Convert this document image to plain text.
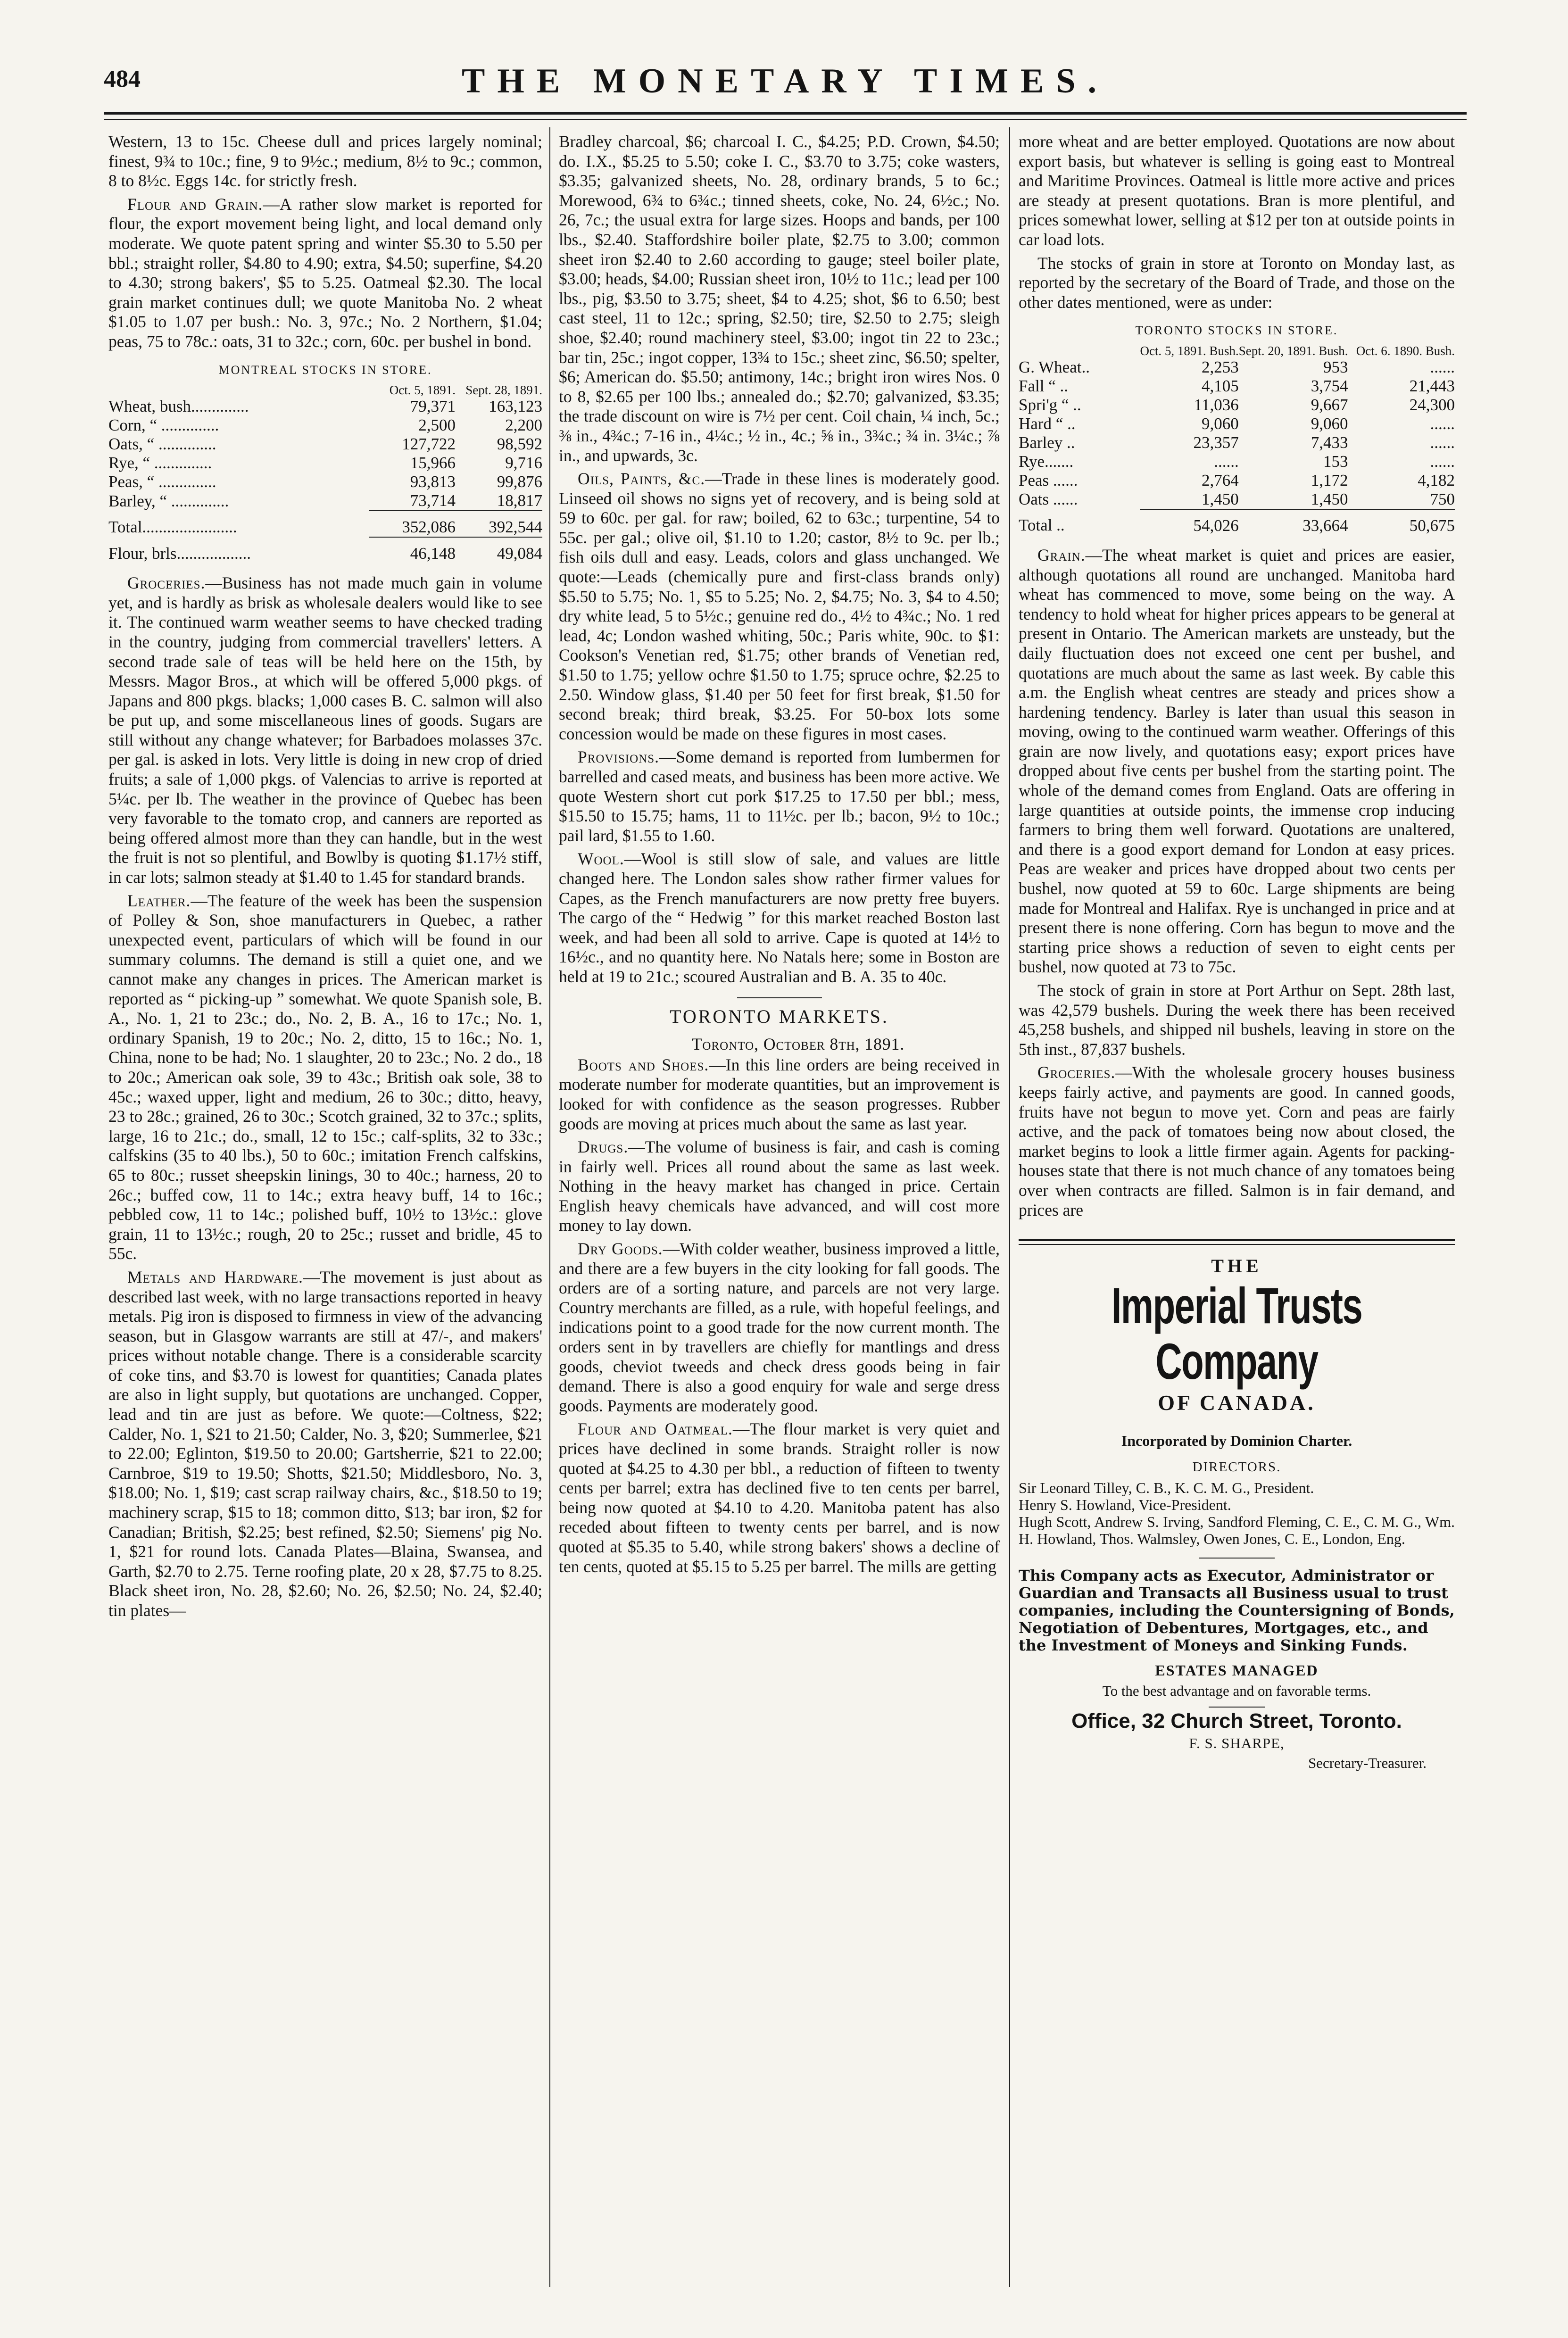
484	THE MONETARY TIMES.

Western, 13 to 15c. Cheese dull and prices largely nominal; finest, 9¾ to 10c.; fine, 9 to 9½c.; medium, 8½ to 9c.; common, 8 to 8½c. Eggs 14c. for strictly fresh.

Flour and Grain.—A rather slow market is reported for flour, the export movement being light, and local demand only moderate. We quote patent spring and winter $5.30 to 5.50 per bbl.; straight roller, $4.80 to 4.90; extra, $4.50; superfine, $4.20 to 4.30; strong bakers', $5 to 5.25. Oatmeal $2.30. The local grain market continues dull; we quote Manitoba No. 2 wheat $1.05 to 1.07 per bush.: No. 3, 97c.; No. 2 Northern, $1.04; peas, 75 to 78c.: oats, 31 to 32c.; corn, 60c. per bushel in bond.

MONTREAL STOCKS IN STORE.
	Oct. 5, 1891.	Sept. 28, 1891.
Wheat, bush..............	79,371	163,123
Corn, “ ..............	2,500	2,200
Oats, “ ..............	127,722	98,592
Rye, “ ..............	15,966	9,716
Peas, “ ..............	93,813	99,876
Barley, “ ..............	73,714	18,817
Total.......................	352,086	392,544
Flour, brls..................	46,148	49,084

Groceries.—Business has not made much gain in volume yet, and is hardly as brisk as wholesale dealers would like to see it. The continued warm weather seems to have checked trading in the country, judging from commercial travellers' letters. A second trade sale of teas will be held here on the 15th, by Messrs. Magor Bros., at which will be offered 5,000 pkgs. of Japans and 800 pkgs. blacks; 1,000 cases B. C. salmon will also be put up, and some miscellaneous lines of goods. Sugars are still without any change whatever; for Barbadoes molasses 37c. per gal. is asked in lots. Very little is doing in new crop of dried fruits; a sale of 1,000 pkgs. of Valencias to arrive is reported at 5¼c. per lb. The weather in the province of Quebec has been very favorable to the tomato crop, and canners are reported as being offered almost more than they can handle, but in the west the fruit is not so plentiful, and Bowlby is quoting $1.17½ stiff, in car lots; salmon steady at $1.40 to 1.45 for standard brands.

Leather.—The feature of the week has been the suspension of Polley & Son, shoe manufacturers in Quebec, a rather unexpected event, particulars of which will be found in our summary columns. The demand is still a quiet one, and we cannot make any changes in prices. The American market is reported as “ picking-up ” somewhat. We quote Spanish sole, B. A., No. 1, 21 to 23c.; do., No. 2, B. A., 16 to 17c.; No. 1, ordinary Spanish, 19 to 20c.; No. 2, ditto, 15 to 16c.; No. 1, China, none to be had; No. 1 slaughter, 20 to 23c.; No. 2 do., 18 to 20c.; American oak sole, 39 to 43c.; British oak sole, 38 to 45c.; waxed upper, light and medium, 26 to 30c.; ditto, heavy, 23 to 28c.; grained, 26 to 30c.; Scotch grained, 32 to 37c.; splits, large, 16 to 21c.; do., small, 12 to 15c.; calf-splits, 32 to 33c.; calfskins (35 to 40 lbs.), 50 to 60c.; imitation French calfskins, 65 to 80c.; russet sheepskin linings, 30 to 40c.; harness, 20 to 26c.; buffed cow, 11 to 14c.; extra heavy buff, 14 to 16c.; pebbled cow, 11 to 14c.; polished buff, 10½ to 13½c.: glove grain, 11 to 13½c.; rough, 20 to 25c.; russet and bridle, 45 to 55c.

Metals and Hardware.—The movement is just about as described last week, with no large transactions reported in heavy metals. Pig iron is disposed to firmness in view of the advancing season, but in Glasgow warrants are still at 47/-, and makers' prices without notable change. There is a considerable scarcity of coke tins, and $3.70 is lowest for quantities; Canada plates are also in light supply, but quotations are unchanged. Copper, lead and tin are just as before. We quote:—Coltness, $22; Calder, No. 1, $21 to 21.50; Calder, No. 3, $20; Summerlee, $21 to 22.00; Eglinton, $19.50 to 20.00; Gartsherrie, $21 to 22.00; Carnbroe, $19 to 19.50; Shotts, $21.50; Middlesboro, No. 3, $18.00; No. 1, $19; cast scrap railway chairs, &c., $18.50 to 19; machinery scrap, $15 to 18; common ditto, $13; bar iron, $2 for Canadian; British, $2.25; best refined, $2.50; Siemens' pig No. 1, $21 for round lots. Canada Plates—Blaina, Swansea, and Garth, $2.70 to 2.75. Terne roofing plate, 20 x 28, $7.75 to 8.25. Black sheet iron, No. 28, $2.60; No. 26, $2.50; No. 24, $2.40; tin plates—

Bradley charcoal, $6; charcoal I. C., $4.25; P.D. Crown, $4.50; do. I.X., $5.25 to 5.50; coke I. C., $3.70 to 3.75; coke wasters, $3.35; galvanized sheets, No. 28, ordinary brands, 5 to 6c.; Morewood, 6¾ to 6¾c.; tinned sheets, coke, No. 24, 6½c.; No. 26, 7c.; the usual extra for large sizes. Hoops and bands, per 100 lbs., $2.40. Staffordshire boiler plate, $2.75 to 3.00; common sheet iron $2.40 to 2.60 according to gauge; steel boiler plate, $3.00; heads, $4.00; Russian sheet iron, 10½ to 11c.; lead per 100 lbs., pig, $3.50 to 3.75; sheet, $4 to 4.25; shot, $6 to 6.50; best cast steel, 11 to 12c.; spring, $2.50; tire, $2.50 to 2.75; sleigh shoe, $2.40; round machinery steel, $3.00; ingot tin 22 to 23c.; bar tin, 25c.; ingot copper, 13¾ to 15c.; sheet zinc, $6.50; spelter, $6; American do. $5.50; antimony, 14c.; bright iron wires Nos. 0 to 8, $2.65 per 100 lbs.; annealed do.; $2.70; galvanized, $3.35; the trade discount on wire is 7½ per cent. Coil chain, ¼ inch, 5c.; ⅜ in., 4¾c.; 7-16 in., 4¼c.; ½ in., 4c.; ⅝ in., 3¾c.; ¾ in. 3¼c.; ⅞ in., and upwards, 3c.

Oils, Paints, &c.—Trade in these lines is moderately good. Linseed oil shows no signs yet of recovery, and is being sold at 59 to 60c. per gal. for raw; boiled, 62 to 63c.; turpentine, 54 to 55c. per gal.; olive oil, $1.10 to 1.20; castor, 8½ to 9c. per lb.; fish oils dull and easy. Leads, colors and glass unchanged. We quote:—Leads (chemically pure and first-class brands only) $5.50 to 5.75; No. 1, $5 to 5.25; No. 2, $4.75; No. 3, $4 to 4.50; dry white lead, 5 to 5½c.; genuine red do., 4½ to 4¾c.; No. 1 red lead, 4c; London washed whiting, 50c.; Paris white, 90c. to $1: Cookson's Venetian red, $1.75; other brands of Venetian red, $1.50 to 1.75; yellow ochre $1.50 to 1.75; spruce ochre, $2.25 to 2.50. Window glass, $1.40 per 50 feet for first break, $1.50 for second break; third break, $3.25. For 50-box lots some concession would be made on these figures in most cases.

Provisions.—Some demand is reported from lumbermen for barrelled and cased meats, and business has been more active. We quote Western short cut pork $17.25 to 17.50 per bbl.; mess, $15.50 to 15.75; hams, 11 to 11½c. per lb.; bacon, 9½ to 10c.; pail lard, $1.55 to 1.60.

Wool.—Wool is still slow of sale, and values are little changed here. The London sales show rather firmer values for Capes, as the French manufacturers are now pretty free buyers. The cargo of the “ Hedwig ” for this market reached Boston last week, and had been all sold to arrive. Cape is quoted at 14½ to 16½c., and no quantity here. No Natals here; some in Boston are held at 19 to 21c.; scoured Australian and B. A. 35 to 40c.

TORONTO MARKETS.
Toronto, October 8th, 1891.

Boots and Shoes.—In this line orders are being received in moderate number for moderate quantities, but an improvement is looked for with confidence as the season progresses. Rubber goods are moving at prices much about the same as last year.

Drugs.—The volume of business is fair, and cash is coming in fairly well. Prices all round about the same as last week. Nothing in the heavy market has changed in price. Certain English heavy chemicals have advanced, and will cost more money to lay down.

Dry Goods.—With colder weather, business improved a little, and there are a few buyers in the city looking for fall goods. The orders are of a sorting nature, and parcels are not very large. Country merchants are filled, as a rule, with hopeful feelings, and indications point to a good trade for the now current month. The orders sent in by travellers are chiefly for mantlings and dress goods, cheviot tweeds and check dress goods being in fair demand. There is also a good enquiry for wale and serge dress goods. Payments are moderately good.

Flour and Oatmeal.—The flour market is very quiet and prices have declined in some brands. Straight roller is now quoted at $4.25 to 4.30 per bbl., a reduction of fifteen to twenty cents per barrel; extra has declined five to ten cents per barrel, being now quoted at $4.10 to 4.20. Manitoba patent has also receded about fifteen to twenty cents per barrel, and is now quoted at $5.35 to 5.40, while strong bakers' shows a decline of ten cents, quoted at $5.15 to 5.25 per barrel. The mills are getting

more wheat and are better employed. Quotations are now about export basis, but whatever is selling is going east to Montreal and Maritime Provinces. Oatmeal is little more active and prices are steady at present quotations. Bran is more plentiful, and prices somewhat lower, selling at $12 per ton at outside points in car load lots.

The stocks of grain in store at Toronto on Monday last, as reported by the secretary of the Board of Trade, and those on the other dates mentioned, were as under:

TORONTO STOCKS IN STORE.
	Oct. 5, 1891. Bush.	Sept. 20, 1891. Bush.	Oct. 6. 1890. Bush.
G. Wheat..	2,253	953	......
Fall “ ..	4,105	3,754	21,443
Spri'g “ ..	11,036	9,667	24,300
Hard “ ..	9,060	9,060	......
Barley ..	23,357	7,433	......
Rye.......	......	153	......
Peas ......	2,764	1,172	4,182
Oats ......	1,450	1,450	750
Total ..	54,026	33,664	50,675

Grain.—The wheat market is quiet and prices are easier, although quotations all round are unchanged. Manitoba hard wheat has commenced to move, some being on the way. A tendency to hold wheat for higher prices appears to be general at present in Ontario. The American markets are unsteady, but the daily fluctuation does not exceed one cent per bushel, and quotations are much about the same as last week. By cable this a.m. the English wheat centres are steady and prices show a hardening tendency. Barley is later than usual this season in moving, owing to the continued warm weather. Offerings of this grain are now lively, and quotations easy; export prices have dropped about five cents per bushel from the starting point. The whole of the demand comes from England. Oats are offering in large quantities at outside points, the immense crop inducing farmers to bring them well forward. Quotations are unaltered, and there is a good export demand for London at easy prices. Peas are weaker and prices have dropped about two cents per bushel, now quoted at 59 to 60c. Large shipments are being made for Montreal and Halifax. Rye is unchanged in price and at present there is none offering. Corn has begun to move and the starting price shows a reduction of seven to eight cents per bushel, now quoted at 73 to 75c.

The stock of grain in store at Port Arthur on Sept. 28th last, was 42,579 bushels. During the week there has been received 45,258 bushels, and shipped nil bushels, leaving in store on the 5th inst., 87,837 bushels.

Groceries.—With the wholesale grocery houses business keeps fairly active, and payments are good. In canned goods, fruits have not begun to move yet. Corn and peas are fairly active, and the pack of tomatoes being now about closed, the market begins to look a little firmer again. Agents for packing-houses state that there is not much chance of any tomatoes being over when contracts are filled. Salmon is in fair demand, and prices are

THE
Imperial Trusts Company
OF CANADA.
Incorporated by Dominion Charter.
DIRECTORS.
Sir Leonard Tilley, C. B., K. C. M. G., President.
Henry S. Howland, Vice-President.
Hugh Scott, Andrew S. Irving, Sandford Fleming, C. E., C. M. G., Wm. H. Howland, Thos. Walmsley, Owen Jones, C. E., London, Eng.
This Company acts as Executor, Administrator or Guardian and Transacts all Business usual to trust companies, including the Countersigning of Bonds, Negotiation of Debentures, Mortgages, etc., and the Investment of Moneys and Sinking Funds.
ESTATES MANAGED
To the best advantage and on favorable terms.
Office, 32 Church Street, Toronto.
F. S. SHARPE,
Secretary-Treasurer.
